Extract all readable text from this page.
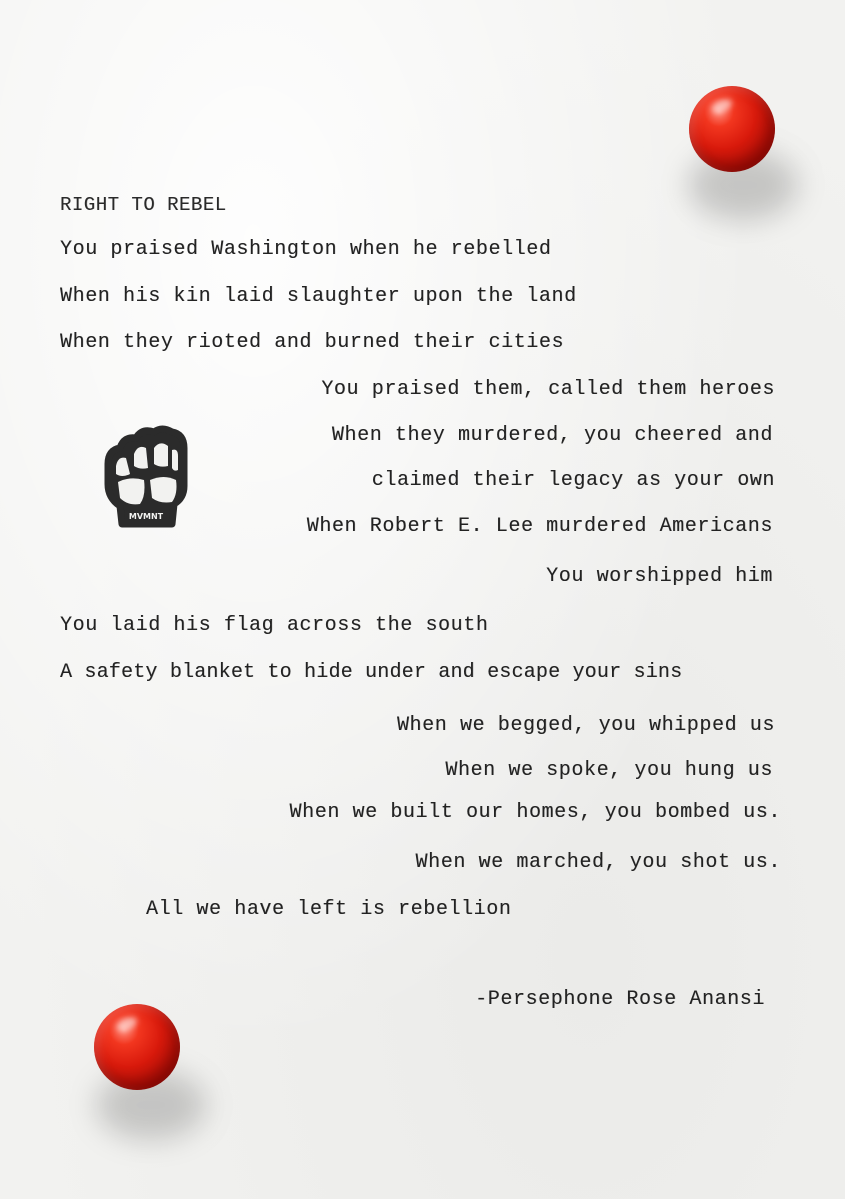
MVMNT
RIGHT TO REBEL
You praised Washington when he rebelled
When his kin laid slaughter upon the land
When they rioted and burned their cities
You praised them, called them heroes
When they murdered, you cheered and
claimed their legacy as your own
When Robert E. Lee murdered Americans
You worshipped him
You laid his flag across the south
A safety blanket to hide under and escape your sins
When we begged, you whipped us
When we spoke, you hung us
When we built our homes, you bombed us.
When we marched, you shot us.
All we have left is rebellion
-Persephone Rose Anansi
